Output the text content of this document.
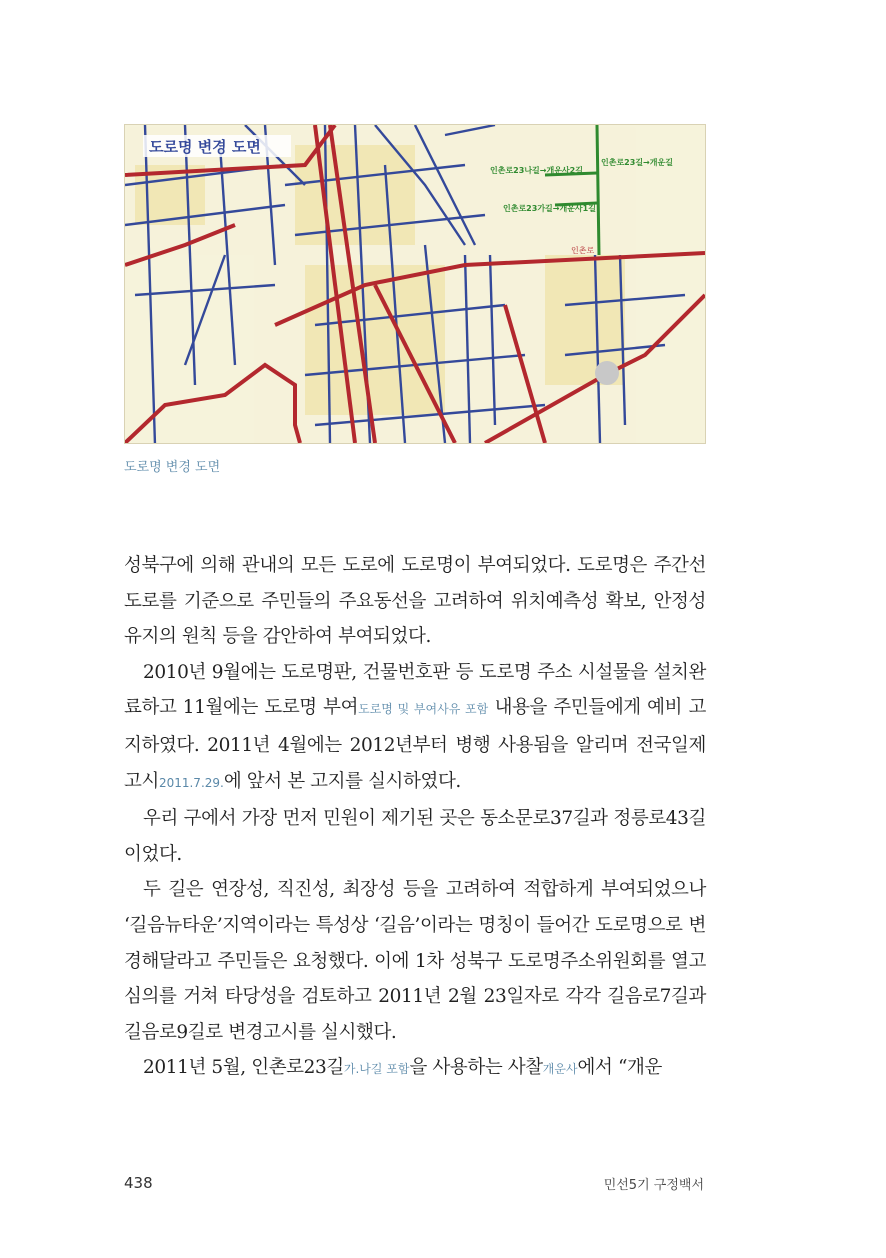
도로명 변경 도면
인촌로23길→개운길
인촌로23나길→개운사2길
인촌로23가길→개운사1길
인촌로
도로명 변경 도면

성북구에 의해 관내의 모든 도로에 도로명이 부여되었다. 도로명은 주간선도로를 기준으로 주민들의 주요동선을 고려하여 위치예측성 확보, 안정성 유지의 원칙 등을 감안하여 부여되었다.

2010년 9월에는 도로명판, 건물번호판 등 도로명 주소 시설물을 설치완료하고 11월에는 도로명 부여도로명 및 부여사유 포함 내용을 주민들에게 예비 고지하였다. 2011년 4월에는 2012년부터 병행 사용됨을 알리며 전국일제고시2011.7.29.에 앞서 본 고지를 실시하였다.

우리 구에서 가장 먼저 민원이 제기된 곳은 동소문로37길과 정릉로43길이었다.

두 길은 연장성, 직진성, 최장성 등을 고려하여 적합하게 부여되었으나 ‘길음뉴타운’지역이라는 특성상 ‘길음’이라는 명칭이 들어간 도로명으로 변경해달라고 주민들은 요청했다. 이에 1차 성북구 도로명주소위원회를 열고 심의를 거쳐 타당성을 검토하고 2011년 2월 23일자로 각각 길음로7길과 길음로9길로 변경고시를 실시했다.

2011년 5월, 인촌로23길가.나길 포함을 사용하는 사찰개운사에서 “개운

438	민선5기 구정백서
